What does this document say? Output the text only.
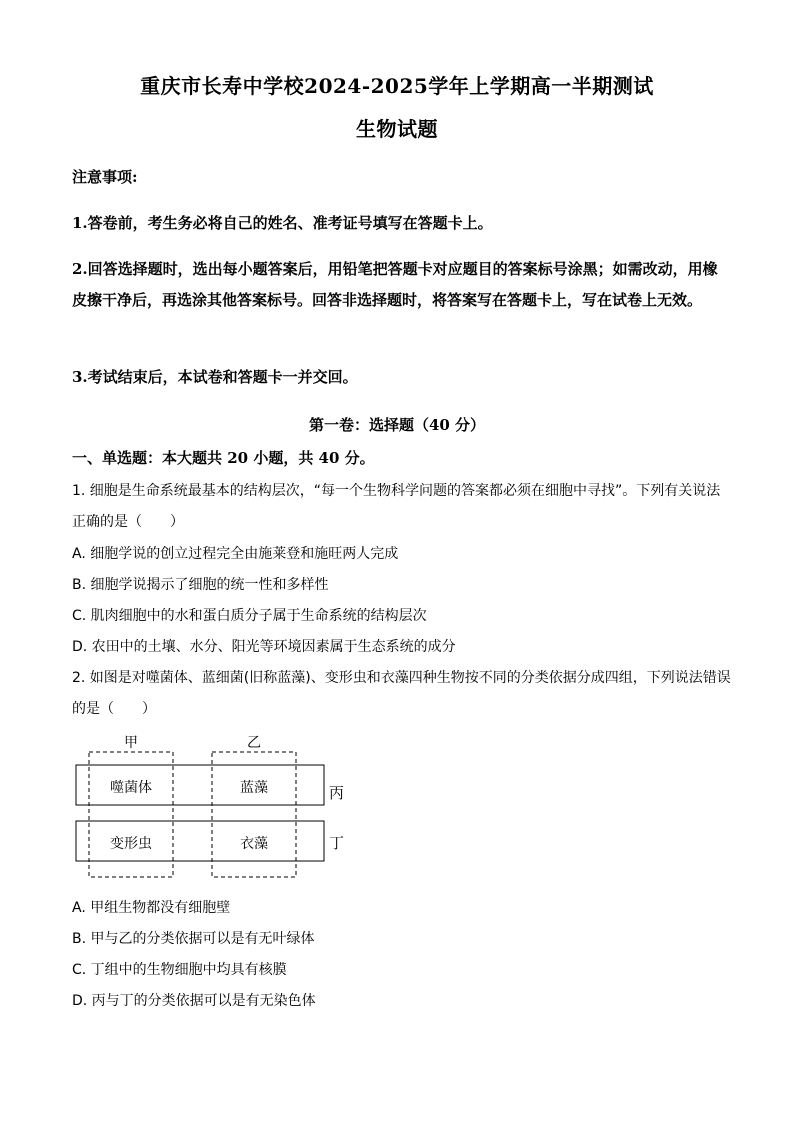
重庆市长寿中学校2024-2025学年上学期高一半期测试
生物试题
注意事项:
1.答卷前，考生务必将自己的姓名、准考证号填写在答题卡上。
2.回答选择题时，选出每小题答案后，用铅笔把答题卡对应题目的答案标号涂黑；如需改动，用橡皮擦干净后，再选涂其他答案标号。回答非选择题时，将答案写在答题卡上，写在试卷上无效。
3.考试结束后，本试卷和答题卡一并交回。
第一卷：选择题（40 分）
一、单选题：本大题共 20 小题，共 40 分。
1. 细胞是生命系统最基本的结构层次，“每一个生物科学问题的答案都必须在细胞中寻找”。下列有关说法正确的是（　　）
A. 细胞学说的创立过程完全由施莱登和施旺两人完成
B. 细胞学说揭示了细胞的统一性和多样性
C. 肌肉细胞中的水和蛋白质分子属于生命系统的结构层次
D. 农田中的土壤、水分、阳光等环境因素属于生态系统的成分
2. 如图是对噬菌体、蓝细菌(旧称蓝藻)、变形虫和衣藻四种生物按不同的分类依据分成四组，下列说法错误的是（　　）
甲	乙
噬菌体	蓝藻
变形虫	衣藻
丙
丁
A. 甲组生物都没有细胞壁
B. 甲与乙的分类依据可以是有无叶绿体
C. 丁组中的生物细胞中均具有核膜
D. 丙与丁的分类依据可以是有无染色体
